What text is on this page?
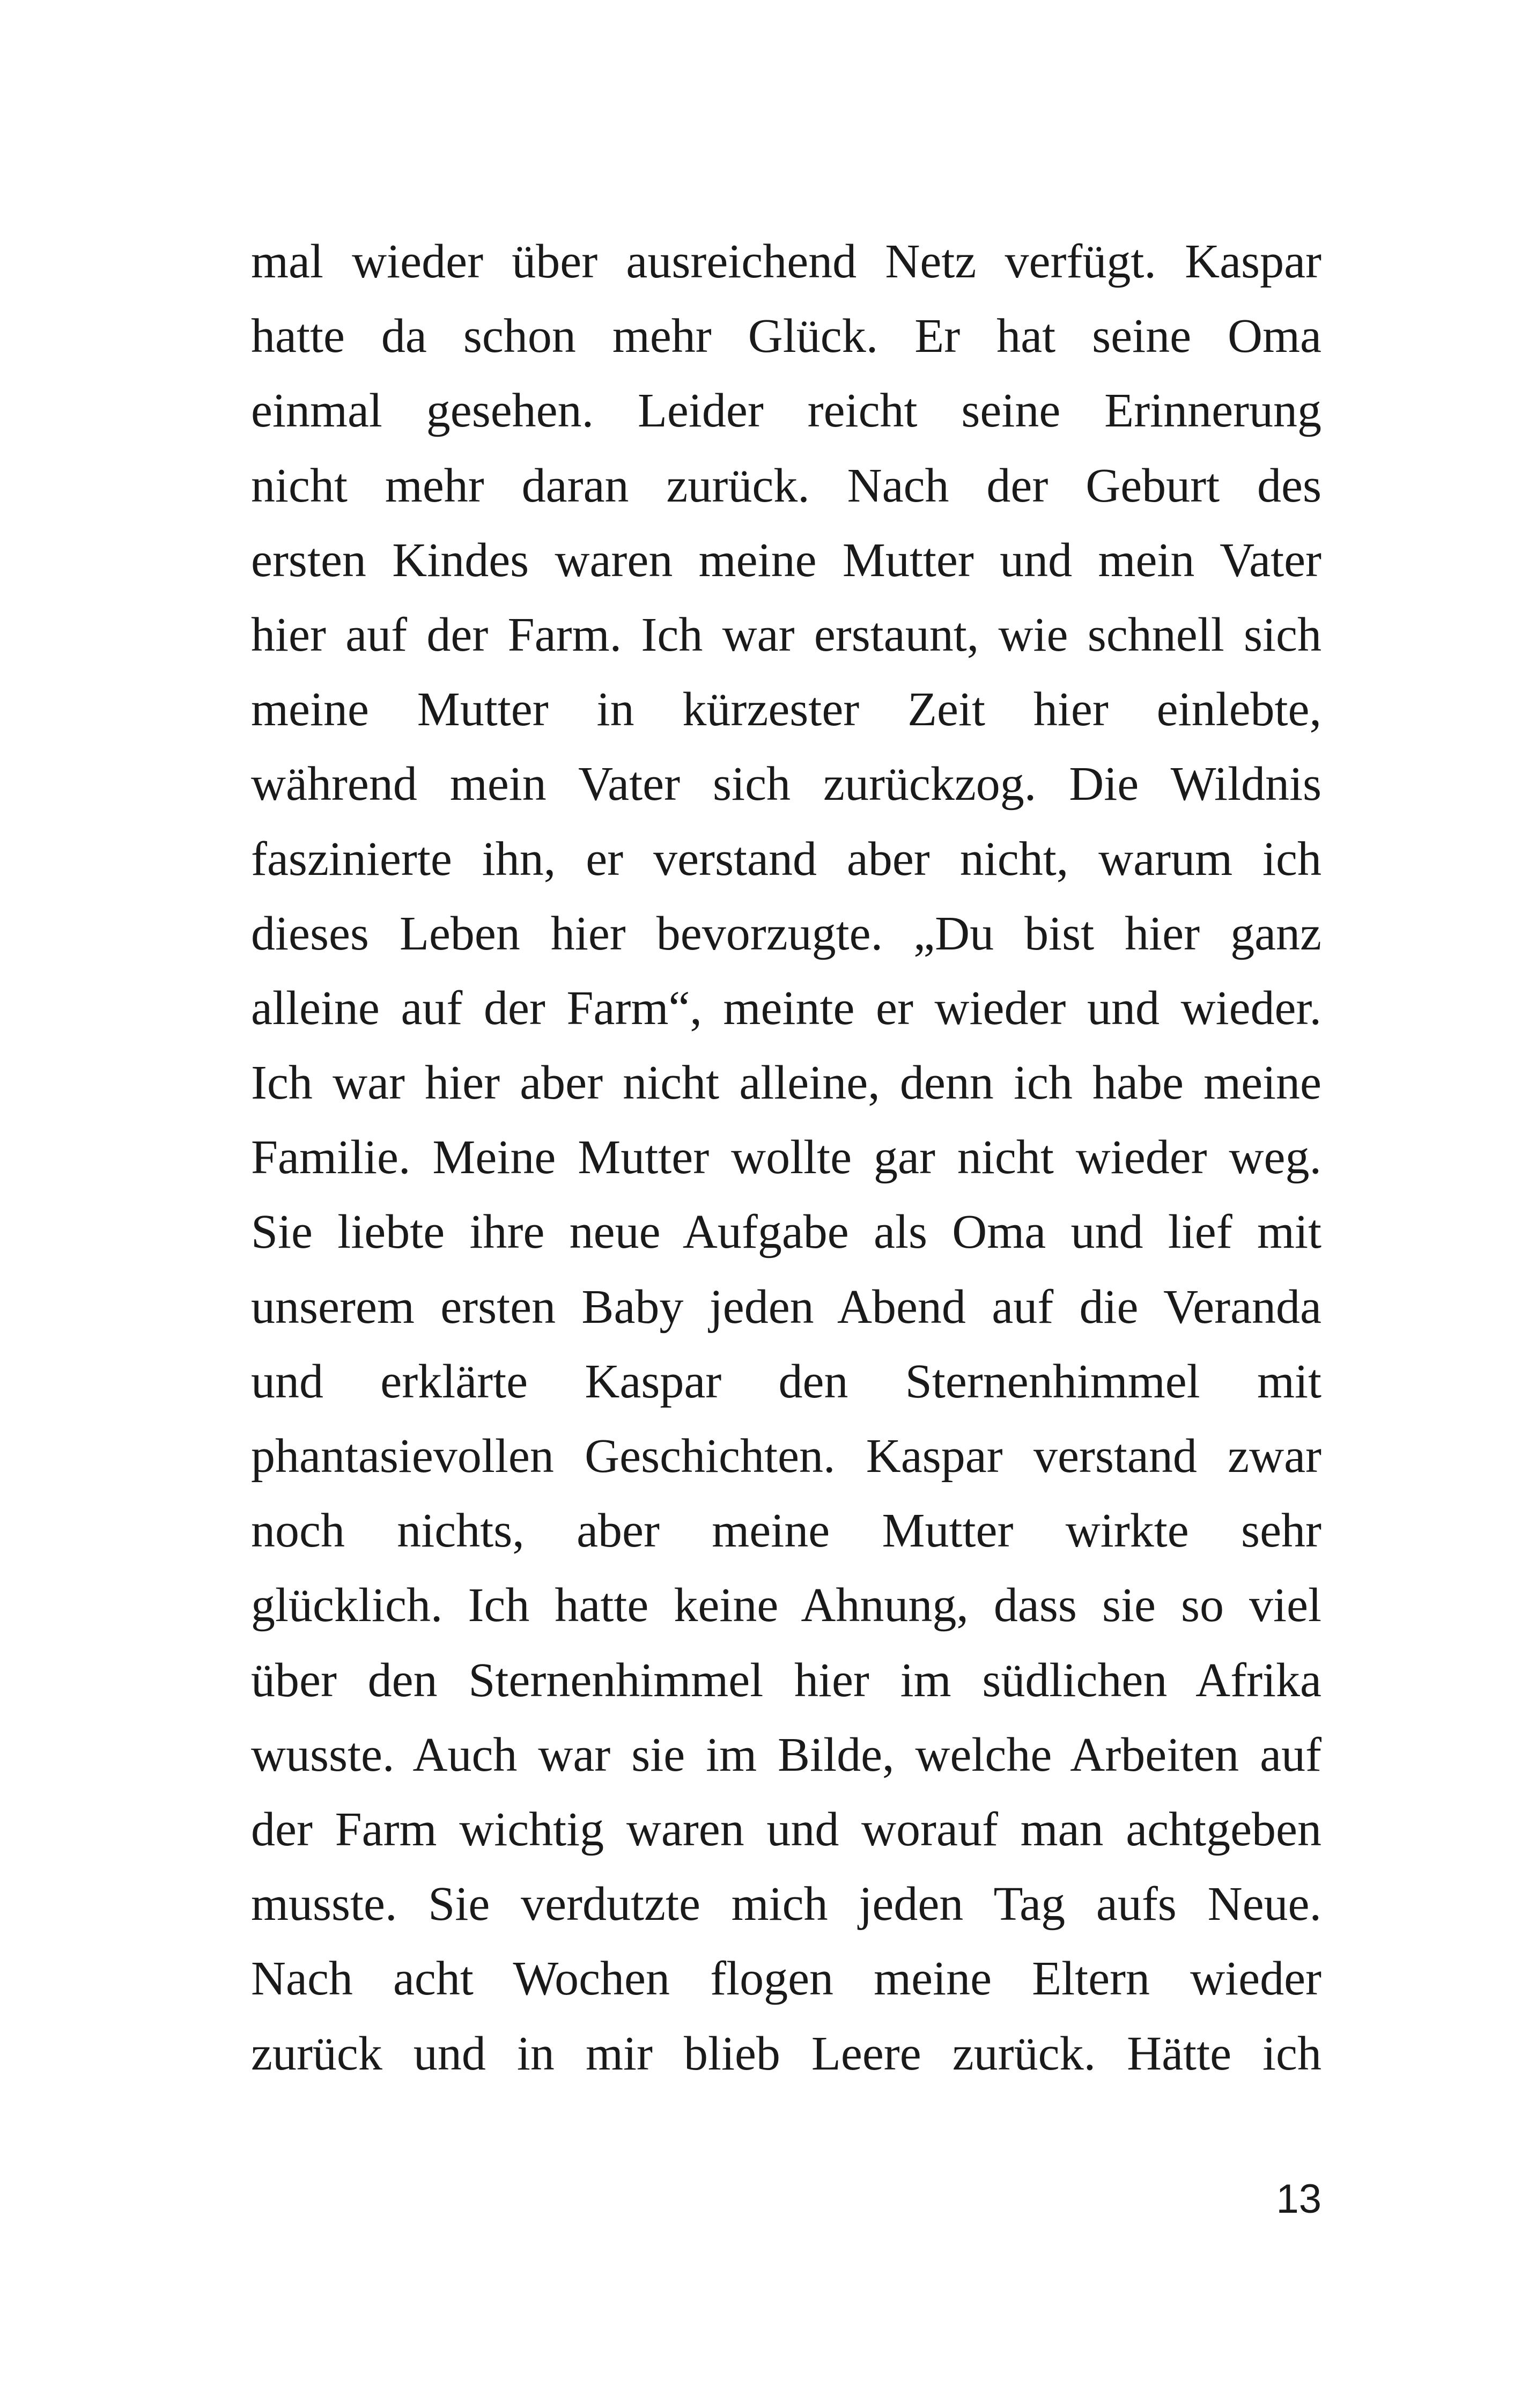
mal wieder über ausreichend Netz verfügt. Kaspar
hatte da schon mehr Glück. Er hat seine Oma
einmal gesehen. Leider reicht seine Erinnerung
nicht mehr daran zurück. Nach der Geburt des
ersten Kindes waren meine Mutter und mein Vater
hier auf der Farm. Ich war erstaunt, wie schnell sich
meine Mutter in kürzester Zeit hier einlebte,
während mein Vater sich zurückzog. Die Wildnis
faszinierte ihn, er verstand aber nicht, warum ich
dieses Leben hier bevorzugte. „Du bist hier ganz
alleine auf der Farm“, meinte er wieder und wieder.
Ich war hier aber nicht alleine, denn ich habe meine
Familie. Meine Mutter wollte gar nicht wieder weg.
Sie liebte ihre neue Aufgabe als Oma und lief mit
unserem ersten Baby jeden Abend auf die Veranda
und erklärte Kaspar den Sternenhimmel mit
phantasievollen Geschichten. Kaspar verstand zwar
noch nichts, aber meine Mutter wirkte sehr
glücklich. Ich hatte keine Ahnung, dass sie so viel
über den Sternenhimmel hier im südlichen Afrika
wusste. Auch war sie im Bilde, welche Arbeiten auf
der Farm wichtig waren und worauf man achtgeben
musste. Sie verdutzte mich jeden Tag aufs Neue.
Nach acht Wochen flogen meine Eltern wieder
zurück und in mir blieb Leere zurück. Hätte ich
13
